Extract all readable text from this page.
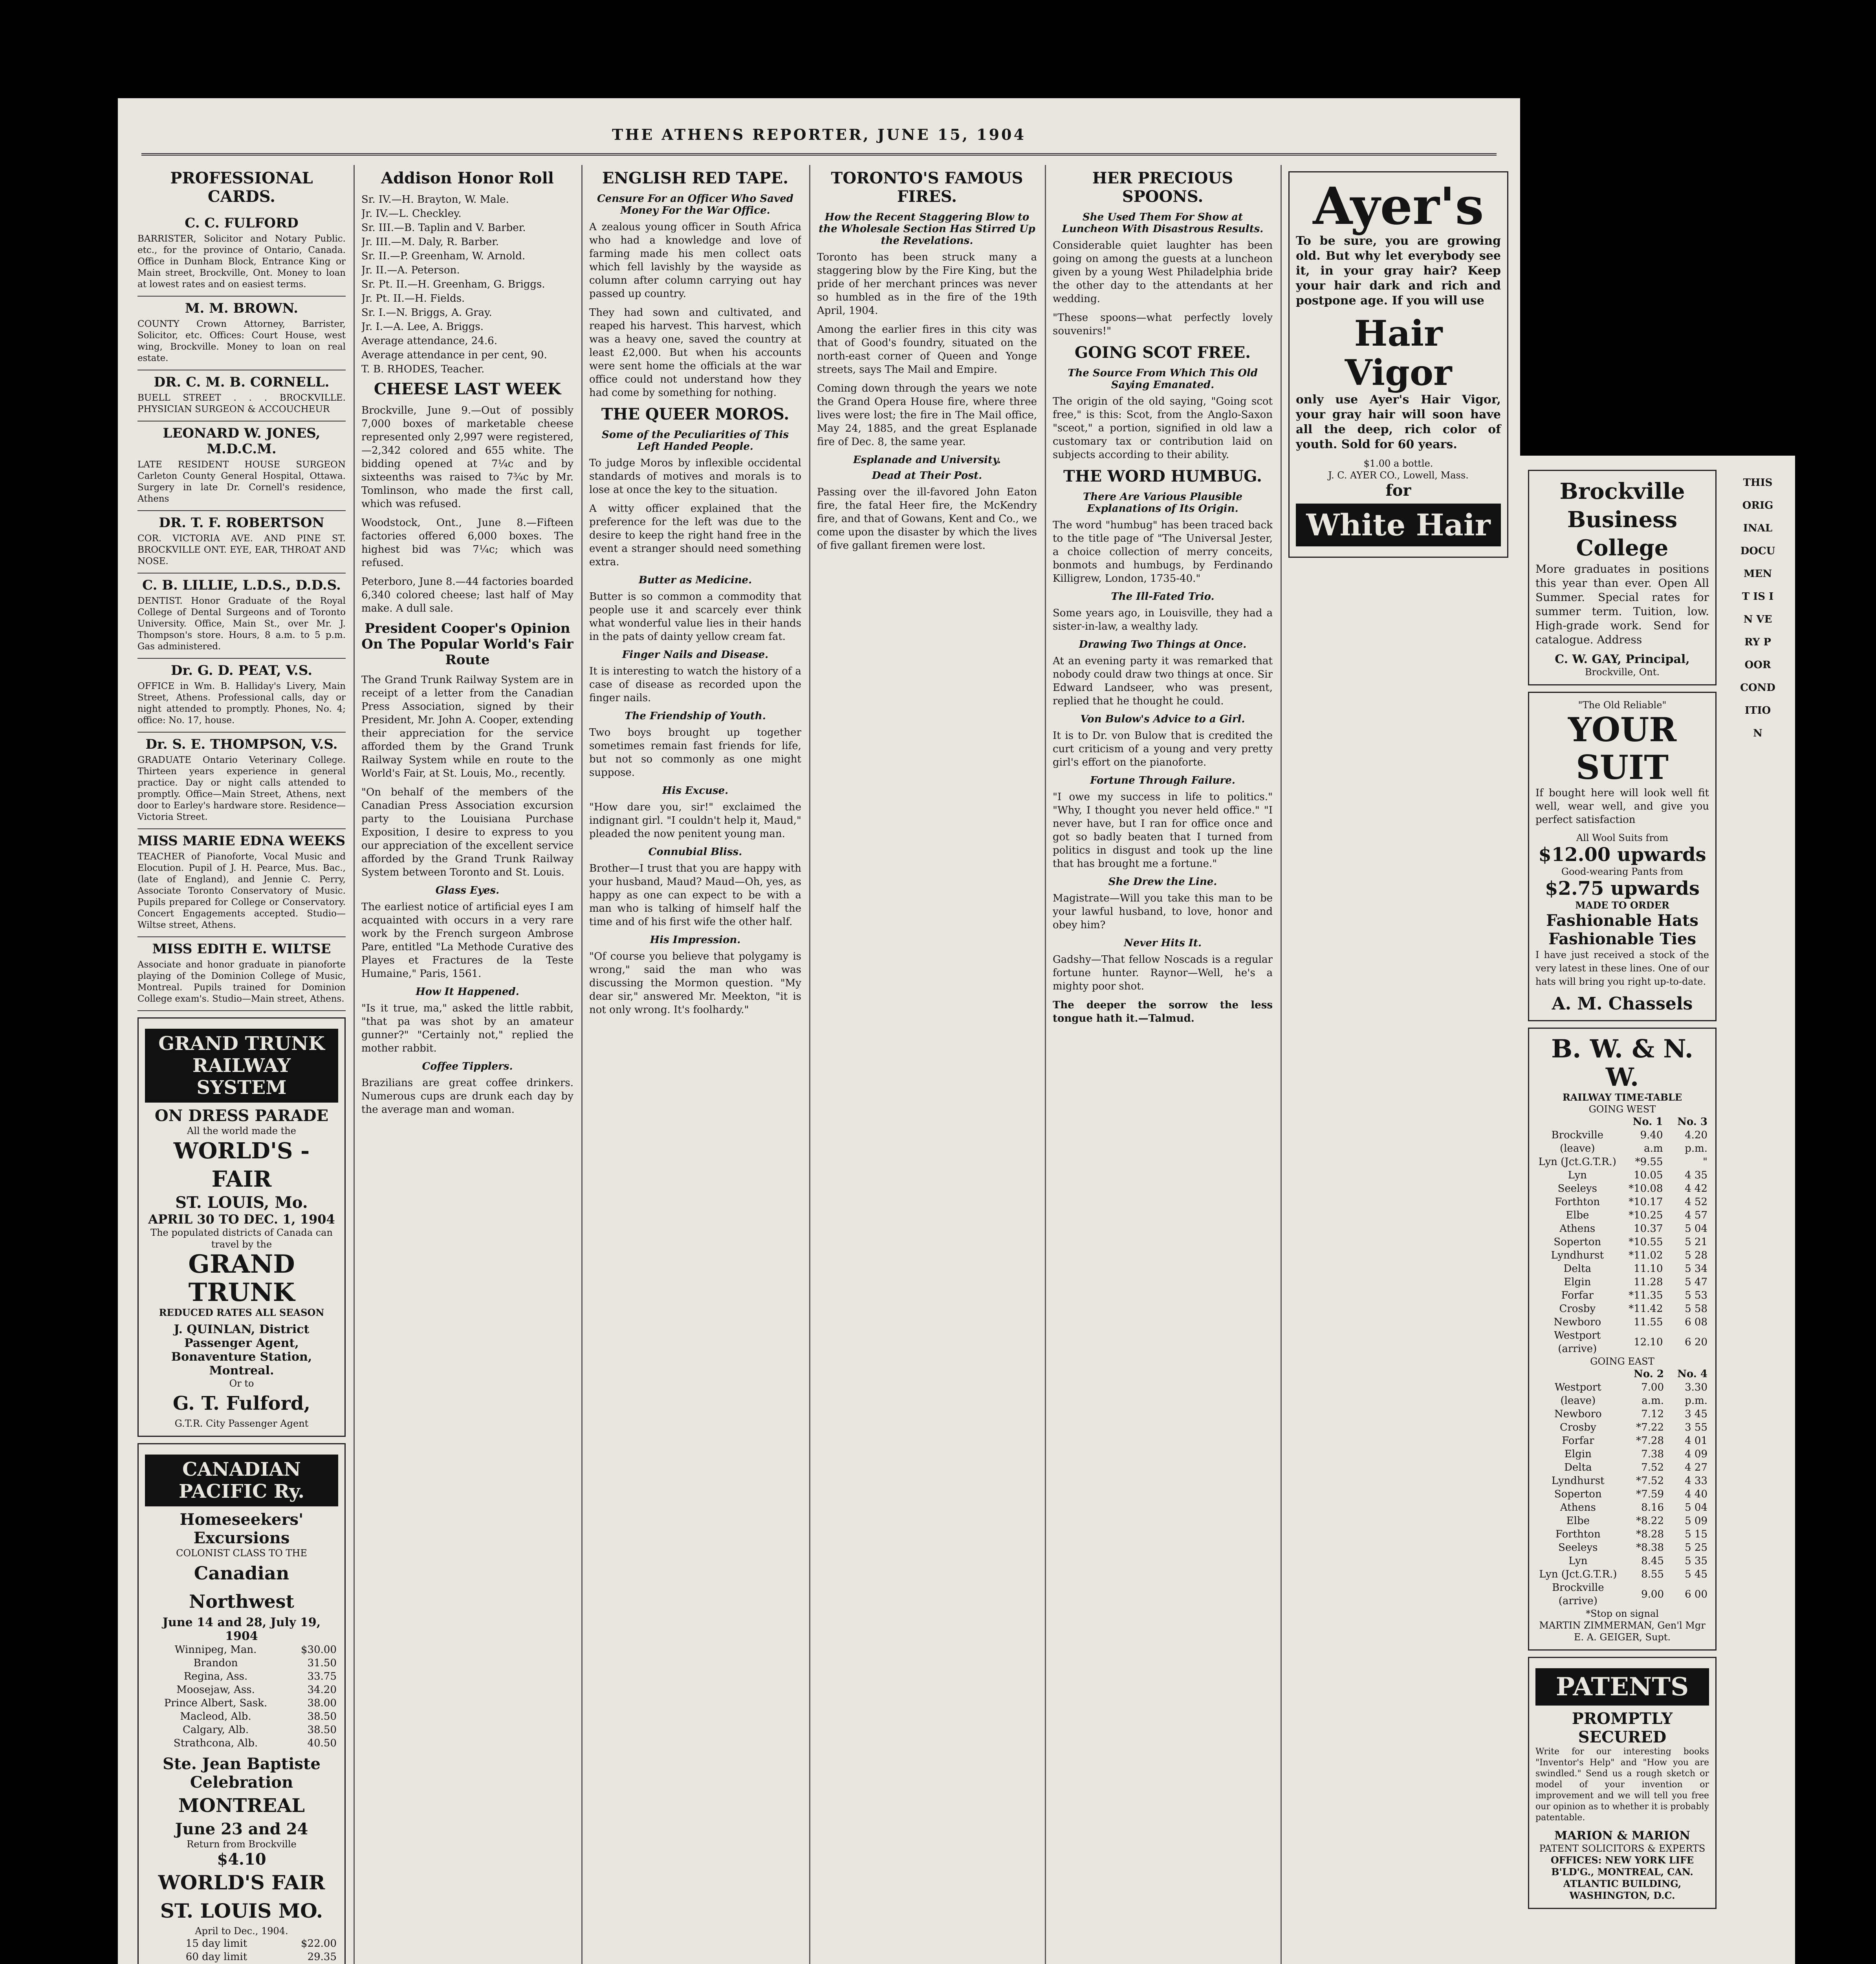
THE ATHENS REPORTER, JUNE 15, 1904
PROFESSIONAL CARDS.
C. C. FULFORD
BARRISTER, Solicitor and Notary Public. etc., for the province of Ontario, Canada. Office in Dunham Block, Entrance King or Main street, Brockville, Ont. Money to loan at lowest rates and on easiest terms.
M. M. BROWN.
COUNTY Crown Attorney, Barrister, Solicitor, etc. Offices: Court House, west wing, Brockville. Money to loan on real estate.
DR. C. M. B. CORNELL.
BUELL STREET . . . BROCKVILLE. PHYSICIAN SURGEON & ACCOUCHEUR
LEONARD W. JONES, M.D.C.M.
LATE RESIDENT HOUSE SURGEON Carleton County General Hospital, Ottawa. Surgery in late Dr. Cornell's residence, Athens
DR. T. F. ROBERTSON
COR. VICTORIA AVE. AND PINE ST. BROCKVILLE ONT. EYE, EAR, THROAT AND NOSE.
C. B. LILLIE, L.D.S., D.D.S.
DENTIST. Honor Graduate of the Royal College of Dental Surgeons and of Toronto University. Office, Main St., over Mr. J. Thompson's store. Hours, 8 a.m. to 5 p.m. Gas administered.
Dr. G. D. PEAT, V.S.
OFFICE in Wm. B. Halliday's Livery, Main Street, Athens. Professional calls, day or night attended to promptly. Phones, No. 4; office: No. 17, house.
Dr. S. E. THOMPSON, V.S.
GRADUATE Ontario Veterinary College. Thirteen years experience in general practice. Day or night calls attended to promptly. Office—Main Street, Athens, next door to Earley's hardware store. Residence—Victoria Street.
MISS MARIE EDNA WEEKS
TEACHER of Pianoforte, Vocal Music and Elocution. Pupil of J. H. Pearce, Mus. Bac., (late of England), and Jennie C. Perry, Associate Toronto Conservatory of Music. Pupils prepared for College or Conservatory. Concert Engagements accepted. Studio—Wiltse street, Athens.
MISS EDITH E. WILTSE
Associate and honor graduate in pianoforte playing of the Dominion College of Music, Montreal. Pupils trained for Dominion College exam's. Studio—Main street, Athens.
GRAND TRUNK RAILWAY SYSTEM
ON DRESS PARADE
All the world made the
WORLD'S - FAIR
ST. LOUIS, Mo.
APRIL 30 TO DEC. 1, 1904
The populated districts of Canada can travel by the
GRAND TRUNK
REDUCED RATES ALL SEASON
J. QUINLAN, District Passenger Agent, Bonaventure Station, Montreal.
Or to
G. T. Fulford,
G.T.R. City Passenger Agent
CANADIAN PACIFIC Ry.
Homeseekers' Excursions
COLONIST CLASS TO THE
Canadian Northwest
June 14 and 28, July 19, 1904
Winnipeg, Man.	$30.00
Brandon	31.50
Regina, Ass.	33.75
Moosejaw, Ass.	34.20
Prince Albert, Sask.	38.00
Macleod, Alb.	38.50
Calgary, Alb.	38.50
Strathcona, Alb.	40.50
Ste. Jean Baptiste Celebration
MONTREAL
June 23 and 24
Return from Brockville
$4.10
WORLD'S FAIR ST. LOUIS MO.
April to Dec., 1904.
15 day limit	$22.00
60 day limit	29.35

Addison Honor Roll
Sr. IV.—H. Brayton, W. Male.
Jr. IV.—L. Checkley.
Sr. III.—B. Taplin and V. Barber.
Jr. III.—M. Daly, R. Barber.
Sr. II.—P. Greenham, W. Arnold.
Jr. II.—A. Peterson.
Sr. Pt. II.—H. Greenham, G. Briggs.
Jr. Pt. II.—H. Fields.
Sr. I.—N. Briggs, A. Gray.
Jr. I.—A. Lee, A. Briggs.
Average attendance, 24.6.
Average attendance in per cent, 90.
T. B. RHODES, Teacher.
CHEESE LAST WEEK
Brockville, June 9.—Out of possibly 7,000 boxes of marketable cheese represented only 2,997 were registered, —2,342 colored and 655 white. The bidding opened at 7¼c and by sixteenths was raised to 7¾c by Mr. Tomlinson, who made the first call, which was refused.
Woodstock, Ont., June 8.—Fifteen factories offered 6,000 boxes. The highest bid was 7¼c; which was refused.
Peterboro, June 8.—44 factories boarded 6,340 colored cheese; last half of May make. A dull sale.
President Cooper's Opinion On The Popular World's Fair Route
The Grand Trunk Railway System are in receipt of a letter from the Canadian Press Association, signed by their President, Mr. John A. Cooper, extending their appreciation for the service afforded them by the Grand Trunk Railway System while en route to the World's Fair, at St. Louis, Mo., recently.
"On behalf of the members of the Canadian Press Association excursion party to the Louisiana Purchase Exposition, I desire to express to you our appreciation of the excellent service afforded by the Grand Trunk Railway System between Toronto and St. Louis.
Glass Eyes.
The earliest notice of artificial eyes I am acquainted with occurs in a very rare work by the French surgeon Ambrose Pare, entitled "La Methode Curative des Playes et Fractures de la Teste Humaine," Paris, 1561.
How It Happened.
"Is it true, ma," asked the little rabbit, "that pa was shot by an amateur gunner?" "Certainly not," replied the mother rabbit.
Coffee Tipplers.
Brazilians are great coffee drinkers. Numerous cups are drunk each day by the average man and woman.
ENGLISH RED TAPE.
Censure For an Officer Who Saved Money For the War Office.
A zealous young officer in South Africa who had a knowledge and love of farming made his men collect oats which fell lavishly by the wayside as column after column carrying out hay passed up country.
They had sown and cultivated, and reaped his harvest. This harvest, which was a heavy one, saved the country at least £2,000. But when his accounts were sent home the officials at the war office could not understand how they had come by something for nothing.
THE QUEER MOROS.
Some of the Peculiarities of This Left Handed People.
To judge Moros by inflexible occidental standards of motives and morals is to lose at once the key to the situation.
A witty officer explained that the preference for the left was due to the desire to keep the right hand free in the event a stranger should need something extra.
Butter as Medicine.
Butter is so common a commodity that people use it and scarcely ever think what wonderful value lies in their hands in the pats of dainty yellow cream fat.
Finger Nails and Disease.
It is interesting to watch the history of a case of disease as recorded upon the finger nails.
The Friendship of Youth.
Two boys brought up together sometimes remain fast friends for life, but not so commonly as one might suppose.
His Excuse.
"How dare you, sir!" exclaimed the indignant girl. "I couldn't help it, Maud," pleaded the now penitent young man.
Connubial Bliss.
Brother—I trust that you are happy with your husband, Maud? Maud—Oh, yes, as happy as one can expect to be with a man who is talking of himself half the time and of his first wife the other half.
His Impression.
"Of course you believe that polygamy is wrong," said the man who was discussing the Mormon question. "My dear sir," answered Mr. Meekton, "it is not only wrong. It's foolhardy."
TORONTO'S FAMOUS FIRES.
How the Recent Staggering Blow to the Wholesale Section Has Stirred Up the Revelations.
Toronto has been struck many a staggering blow by the Fire King, but the pride of her merchant princes was never so humbled as in the fire of the 19th April, 1904.
Among the earlier fires in this city was that of Good's foundry, situated on the north-east corner of Queen and Yonge streets, says The Mail and Empire.
Coming down through the years we note the Grand Opera House fire, where three lives were lost; the fire in The Mail office, May 24, 1885, and the great Esplanade fire of Dec. 8, the same year.
Esplanade and University.
Dead at Their Post.
Passing over the ill-favored John Eaton fire, the fatal Heer fire, the McKendry fire, and that of Gowans, Kent and Co., we come upon the disaster by which the lives of five gallant firemen were lost.
HER PRECIOUS SPOONS.
She Used Them For Show at Luncheon With Disastrous Results.
Considerable quiet laughter has been going on among the guests at a luncheon given by a young West Philadelphia bride the other day to the attendants at her wedding.
"These spoons—what perfectly lovely souvenirs!"
GOING SCOT FREE.
The Source From Which This Old Saying Emanated.
The origin of the old saying, "Going scot free," is this: Scot, from the Anglo-Saxon "sceot," a portion, signified in old law a customary tax or contribution laid on subjects according to their ability.
THE WORD HUMBUG.
There Are Various Plausible Explanations of Its Origin.
The word "humbug" has been traced back to the title page of "The Universal Jester, a choice collection of merry conceits, bonmots and humbugs, by Ferdinando Killigrew, London, 1735-40."
The Ill-Fated Trio.
Some years ago, in Louisville, they had a sister-in-law, a wealthy lady.
Drawing Two Things at Once.
At an evening party it was remarked that nobody could draw two things at once. Sir Edward Landseer, who was present, replied that he thought he could.
Von Bulow's Advice to a Girl.
It is to Dr. von Bulow that is credited the curt criticism of a young and very pretty girl's effort on the pianoforte.
Fortune Through Failure.
"I owe my success in life to politics." "Why, I thought you never held office." "I never have, but I ran for office once and got so badly beaten that I turned from politics in disgust and took up the line that has brought me a fortune."
She Drew the Line.
Magistrate—Will you take this man to be your lawful husband, to love, honor and obey him?
Never Hits It.
Gadshy—That fellow Noscads is a regular fortune hunter. Raynor—Well, he's a mighty poor shot.
The deeper the sorrow the less tongue hath it.—Talmud.
Ayer's
To be sure, you are growing old. But why let everybody see it, in your gray hair? Keep your hair dark and rich and postpone age. If you will use
Hair Vigor
only use Ayer's Hair Vigor, your gray hair will soon have all the deep, rich color of youth. Sold for 60 years.
$1.00 a bottle.
J. C. AYER CO., Lowell, Mass.
for
White Hair
Brockville Business College
More graduates in positions this year than ever. Open All Summer. Special rates for summer term. Tuition, low. High-grade work. Send for catalogue. Address
C. W. GAY, Principal,
Brockville, Ont.
"The Old Reliable"
YOUR SUIT
If bought here will look well fit well, wear well, and give you perfect satisfaction
All Wool Suits from
$12.00 upwards
Good-wearing Pants from
$2.75 upwards
MADE TO ORDER
Fashionable Hats
Fashionable Ties
I have just received a stock of the very latest in these lines. One of our hats will bring you right up-to-date.
A. M. Chassels
B. W. & N. W.
RAILWAY TIME-TABLE
GOING WEST
	No. 1	No. 3
Brockville (leave)	9.40 a.m	4.20 p.m.
Lyn (Jct.G.T.R.)	*9.55	"
Lyn	10.05	4 35
Seeleys	*10.08	4 42
Forthton	*10.17	4 52
Elbe	*10.25	4 57
Athens	10.37	5 04
Soperton	*10.55	5 21
Lyndhurst	*11.02	5 28
Delta	11.10	5 34
Elgin	11.28	5 47
Forfar	*11.35	5 53
Crosby	*11.42	5 58
Newboro	11.55	6 08
Westport (arrive)	12.10	6 20
GOING EAST
	No. 2	No. 4
Westport (leave)	7.00 a.m.	3.30 p.m.
Newboro	7.12	3 45
Crosby	*7.22	3 55
Forfar	*7.28	4 01
Elgin	7.38	4 09
Delta	7.52	4 27
Lyndhurst	*7.52	4 33
Soperton	*7.59	4 40
Athens	8.16	5 04
Elbe	*8.22	5 09
Forthton	*8.28	5 15
Seeleys	*8.38	5 25
Lyn	8.45	5 35
Lyn (Jct.G.T.R.)	8.55	5 45
Brockville (arrive)	9.00	6 00
*Stop on signal
MARTIN ZIMMERMAN, Gen'l Mgr
E. A. GEIGER, Supt.
PATENTS
PROMPTLY SECURED
Write for our interesting books "Inventor's Help" and "How you are swindled." Send us a rough sketch or model of your invention or improvement and we will tell you free our opinion as to whether it is probably patentable.
MARION & MARION
PATENT SOLICITORS & EXPERTS
OFFICES: NEW YORK LIFE B'LD'G., MONTREAL, CAN. ATLANTIC BUILDING, WASHINGTON, D.C.
THIS ORIGINAL DOCUMENT IS IN VERY POOR CONDITION
